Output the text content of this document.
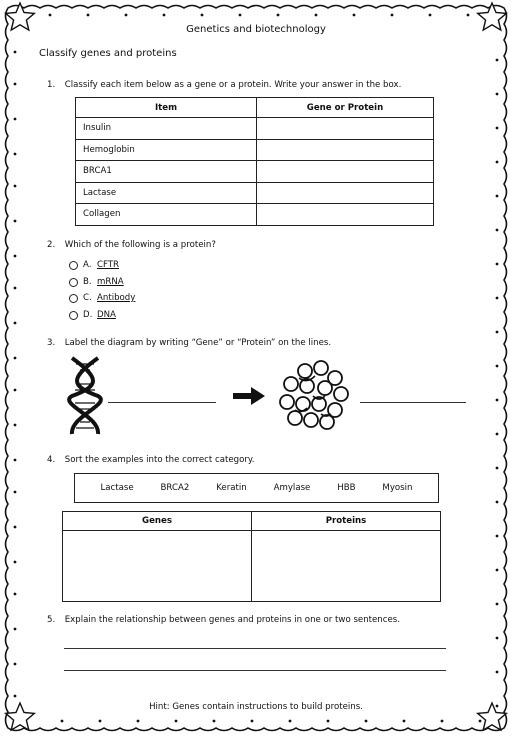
Genetics and biotechnology
Classify genes and proteins
1. Classify each item below as a gene or a protein. Write your answer in the box.
Item	Gene or Protein
Insulin	
Hemoglobin	
BRCA1	
Lactase	
Collagen	
2. Which of the following is a protein?
A. CFTR
B. mRNA
C. Antibody
D. DNA
3. Label the diagram by writing “Gene” or “Protein” on the lines.
4. Sort the examples into the correct category.
Lactase	BRCA2	Keratin	Amylase	HBB	Myosin
Genes	Proteins

5. Explain the relationship between genes and proteins in one or two sentences.
Hint: Genes contain instructions to build proteins.
